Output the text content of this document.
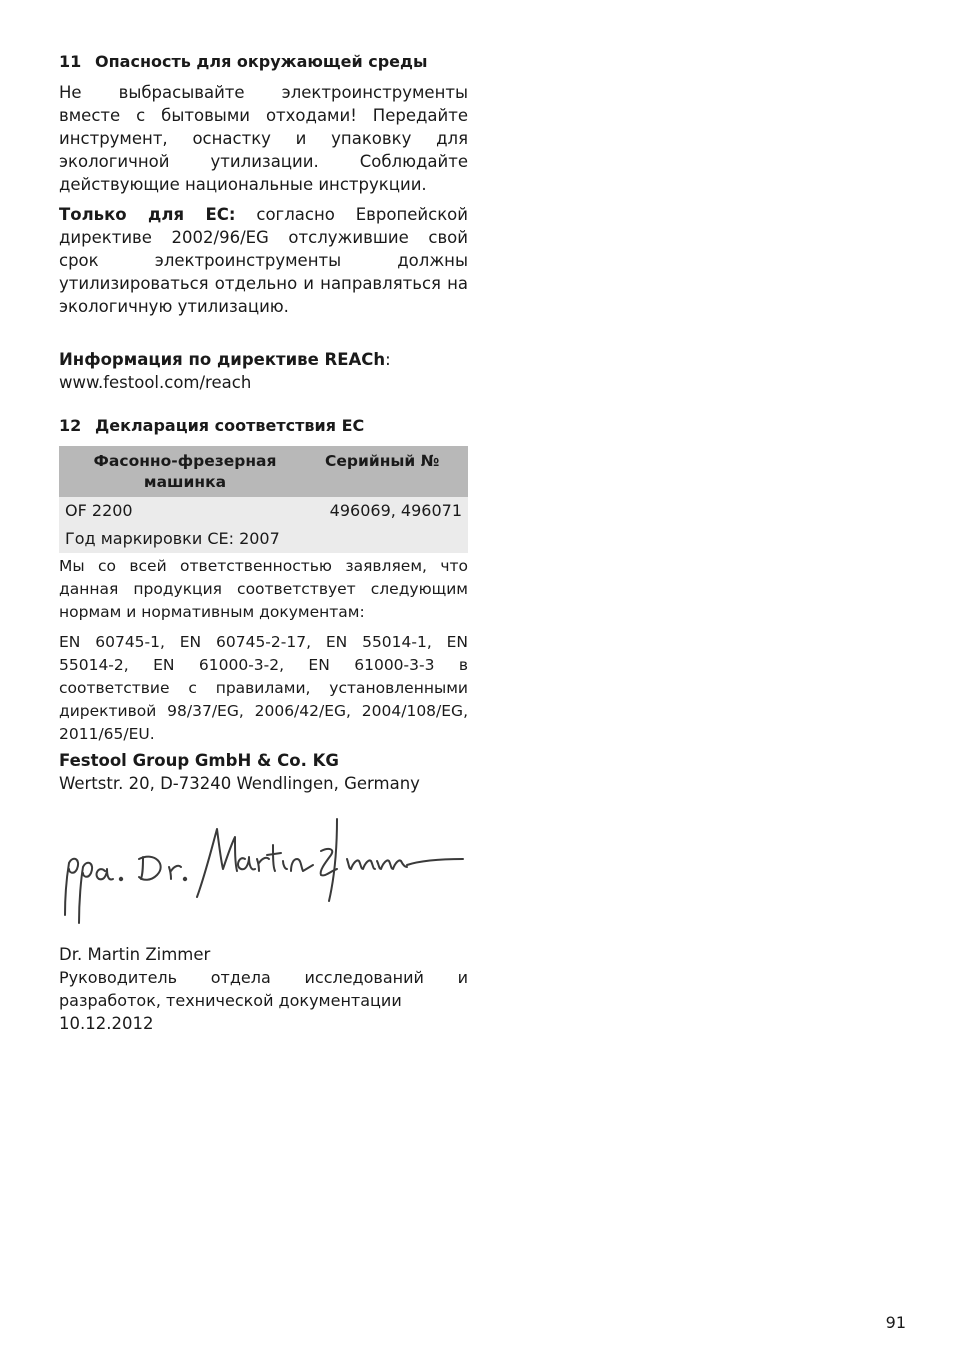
11 Опасность для окружающей среды

Не выбрасывайте электроинструменты вместе с бытовыми отходами! Передайте инструмент, оснастку и упаковку для экологичной утилизации. Соблюдайте действующие национальные инструкции.

Только для ЕС: согласно Европейской директиве 2002/96/EG отслужившие свой срок электроинструменты должны утилизироваться отдельно и направляться на экологичную утилизацию.

Информация по директиве REACh:

www.festool.com/reach

12 Декларация соответствия ЕС
Фасонно-фрезерная машинка	Серийный №
OF 2200	496069, 496071
Год маркировки СЕ: 2007	

Мы со всей ответственностью заявляем, что данная продукция соответствует следующим нормам и нормативным документам:

EN 60745-1, EN 60745-2-17, EN 55014-1, EN 55014-2, EN 61000-3-2, EN 61000-3-3 в соответствие с правилами, установленными директивой 98/37/EG, 2006/42/EG, 2004/108/EG, 2011/65/EU.

Festool Group GmbH & Co. KG

Wertstr. 20, D-73240 Wendlingen, Germany

Dr. Martin Zimmer

Руководитель отдела исследований и разработок, технической документации

10.12.2012

91
